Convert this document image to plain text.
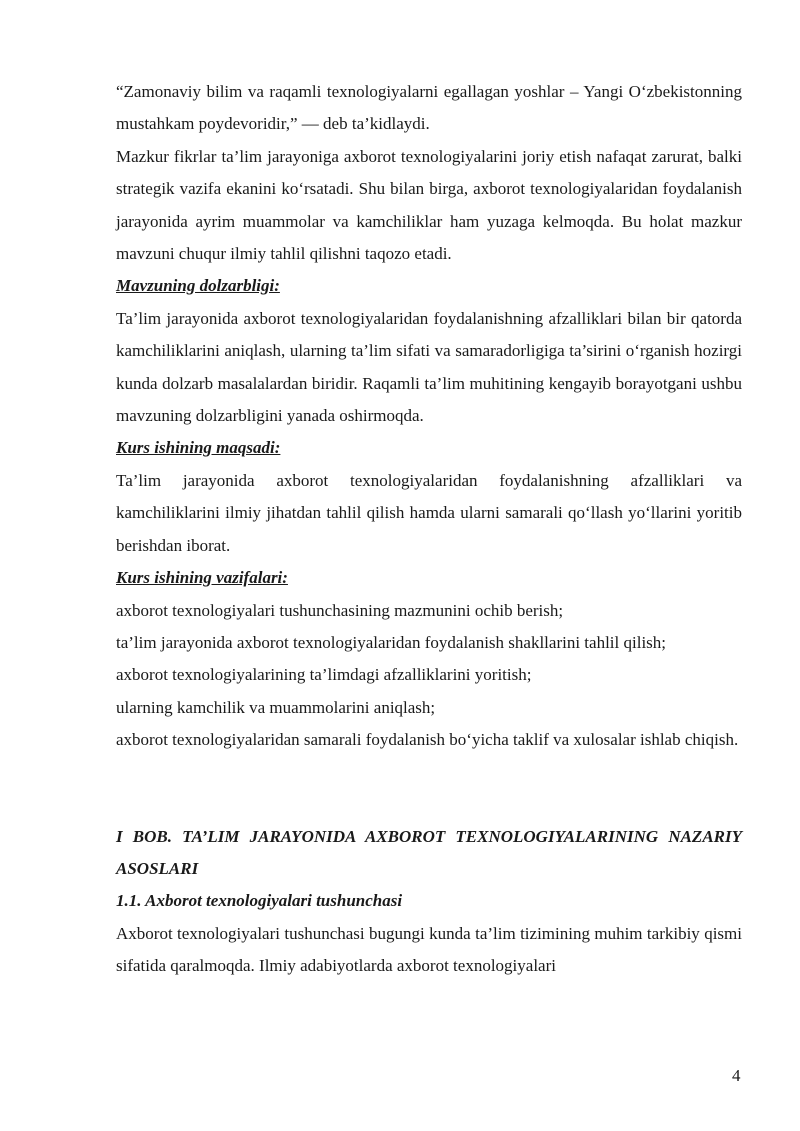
“Zamonaviy bilim va raqamli texnologiyalarni egallagan yoshlar – Yangi O‘zbekistonning mustahkam poydevoridir,” — deb ta’kidlaydi.

Mazkur fikrlar ta’lim jarayoniga axborot texnologiyalarini joriy etish nafaqat zarurat, balki strategik vazifa ekanini ko‘rsatadi. Shu bilan birga, axborot texnologiyalaridan foydalanish jarayonida ayrim muammolar va kamchiliklar ham yuzaga kelmoqda. Bu holat mazkur mavzuni chuqur ilmiy tahlil qilishni taqozo etadi.

Mavzuning dolzarbligi:

Ta’lim jarayonida axborot texnologiyalaridan foydalanishning afzalliklari bilan bir qatorda kamchiliklarini aniqlash, ularning ta’lim sifati va samaradorligiga ta’sirini o‘rganish hozirgi kunda dolzarb masalalardan biridir. Raqamli ta’lim muhitining kengayib borayotgani ushbu mavzuning dolzarbligini yanada oshirmoqda.

Kurs ishining maqsadi:

Ta’lim jarayonida axborot texnologiyalaridan foydalanishning afzalliklari va kamchiliklarini ilmiy jihatdan tahlil qilish hamda ularni samarali qo‘llash yo‘llarini yoritib berishdan iborat.

Kurs ishining vazifalari:

axborot texnologiyalari tushunchasining mazmunini ochib berish;

ta’lim jarayonida axborot texnologiyalaridan foydalanish shakllarini tahlil qilish;

axborot texnologiyalarining ta’limdagi afzalliklarini yoritish;

ularning kamchilik va muammolarini aniqlash;

axborot texnologiyalaridan samarali foydalanish bo‘yicha taklif va xulosalar ishlab chiqish.

I BOB. TA’LIM JARAYONIDA AXBOROT TEXNOLOGIYALARINING NAZARIY ASOSLARI

1.1. Axborot texnologiyalari tushunchasi

Axborot texnologiyalari tushunchasi bugungi kunda ta’lim tizimining muhim tarkibiy qismi sifatida qaralmoqda. Ilmiy adabiyotlarda axborot texnologiyalari

4
